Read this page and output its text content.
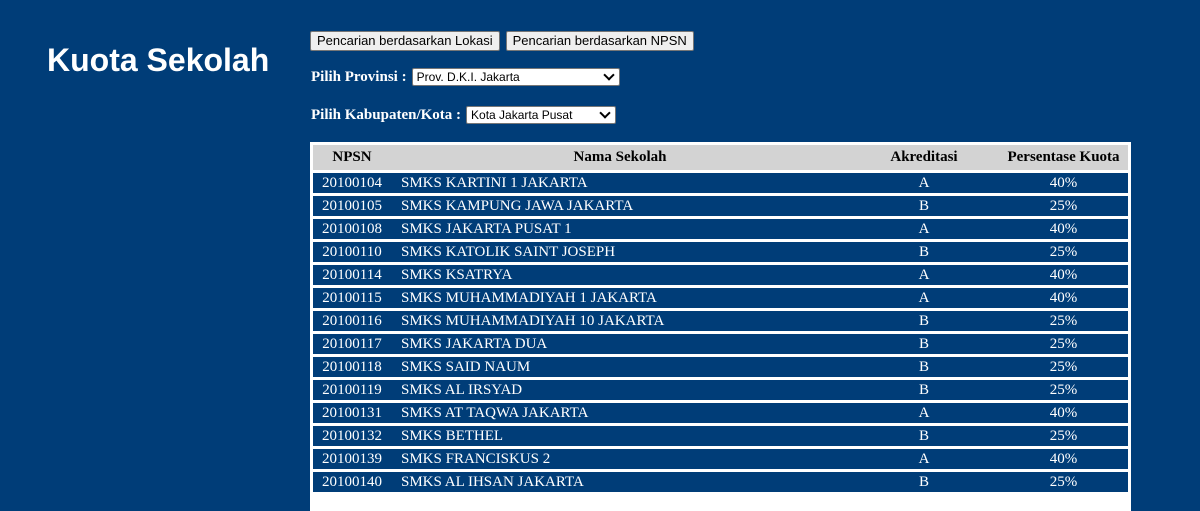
Kuota Sekolah
Pencarian berdasarkan Lokasi	Pencarian berdasarkan NPSN
Pilih Provinsi : Prov. D.K.I. Jakarta
Pilih Kabupaten/Kota : Kota Jakarta Pusat
NPSN	Nama Sekolah	Akreditasi	Persentase Kuota
20100104	SMKS KARTINI 1 JAKARTA	A	40%
20100105	SMKS KAMPUNG JAWA JAKARTA	B	25%
20100108	SMKS JAKARTA PUSAT 1	A	40%
20100110	SMKS KATOLIK SAINT JOSEPH	B	25%
20100114	SMKS KSATRYA	A	40%
20100115	SMKS MUHAMMADIYAH 1 JAKARTA	A	40%
20100116	SMKS MUHAMMADIYAH 10 JAKARTA	B	25%
20100117	SMKS JAKARTA DUA	B	25%
20100118	SMKS SAID NAUM	B	25%
20100119	SMKS AL IRSYAD	B	25%
20100131	SMKS AT TAQWA JAKARTA	A	40%
20100132	SMKS BETHEL	B	25%
20100139	SMKS FRANCISKUS 2	A	40%
20100140	SMKS AL IHSAN JAKARTA	B	25%
